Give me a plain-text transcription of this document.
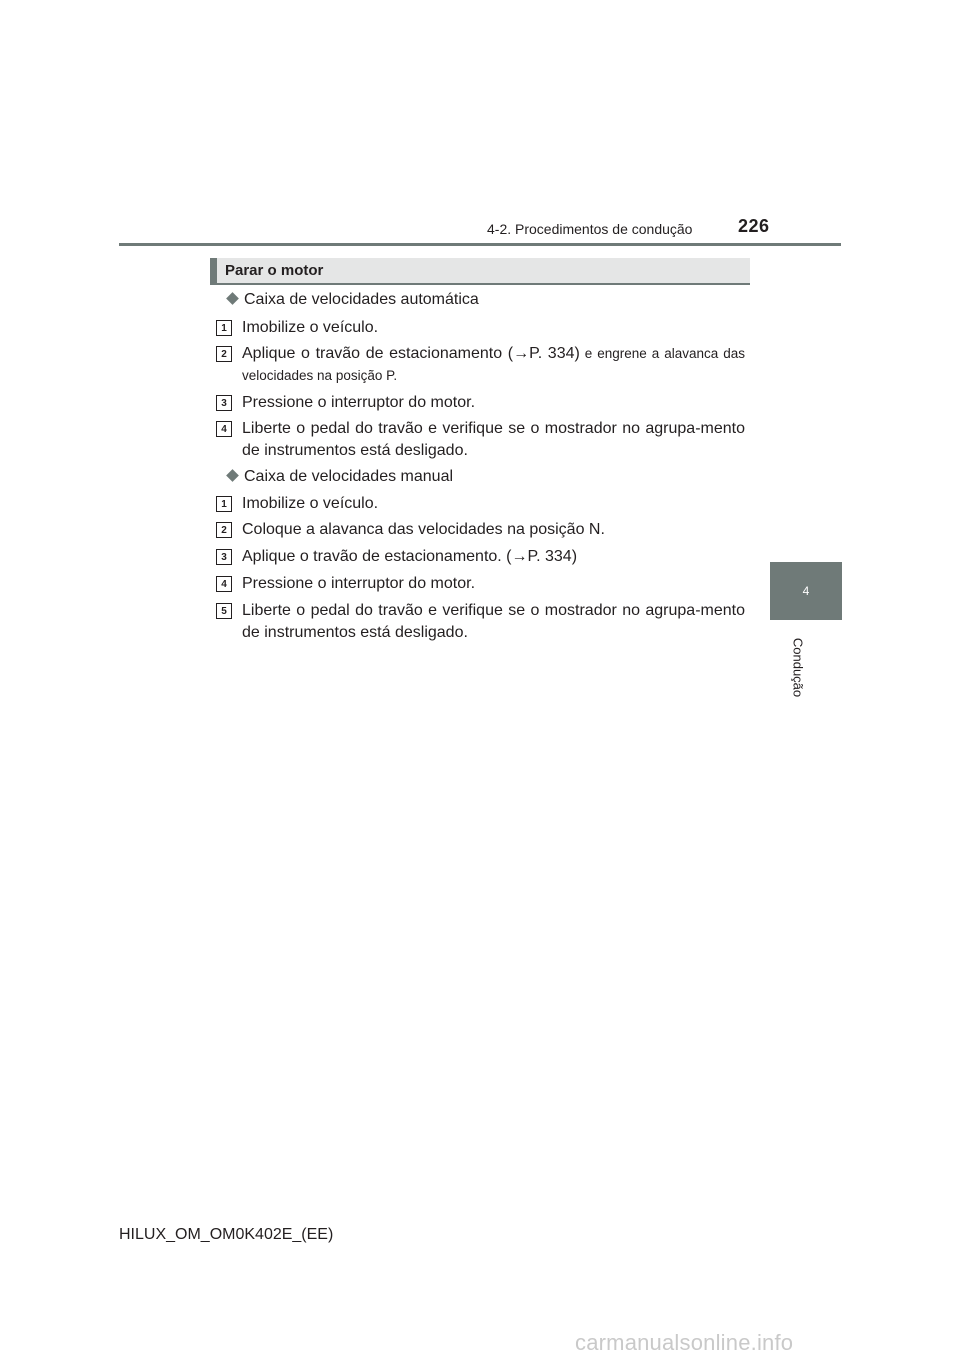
4-2. Procedimentos de condução	226
4
Condução
Parar o motor
Caixa de velocidades automática
1 Imobilize o veículo.
2 Aplique o travão de estacionamento (→P. 334) e engrene a alavanca das velocidades na posição P.
3 Pressione o interruptor do motor.
4 Liberte o pedal do travão e verifique se o mostrador no agrupa-mento de instrumentos está desligado.
Caixa de velocidades manual
1 Imobilize o veículo.
2 Coloque a alavanca das velocidades na posição N.
3 Aplique o travão de estacionamento. (→P. 334)
4 Pressione o interruptor do motor.
5 Liberte o pedal do travão e verifique se o mostrador no agrupa-mento de instrumentos está desligado.
HILUX_OM_OM0K402E_(EE)
carmanualsonline.info
